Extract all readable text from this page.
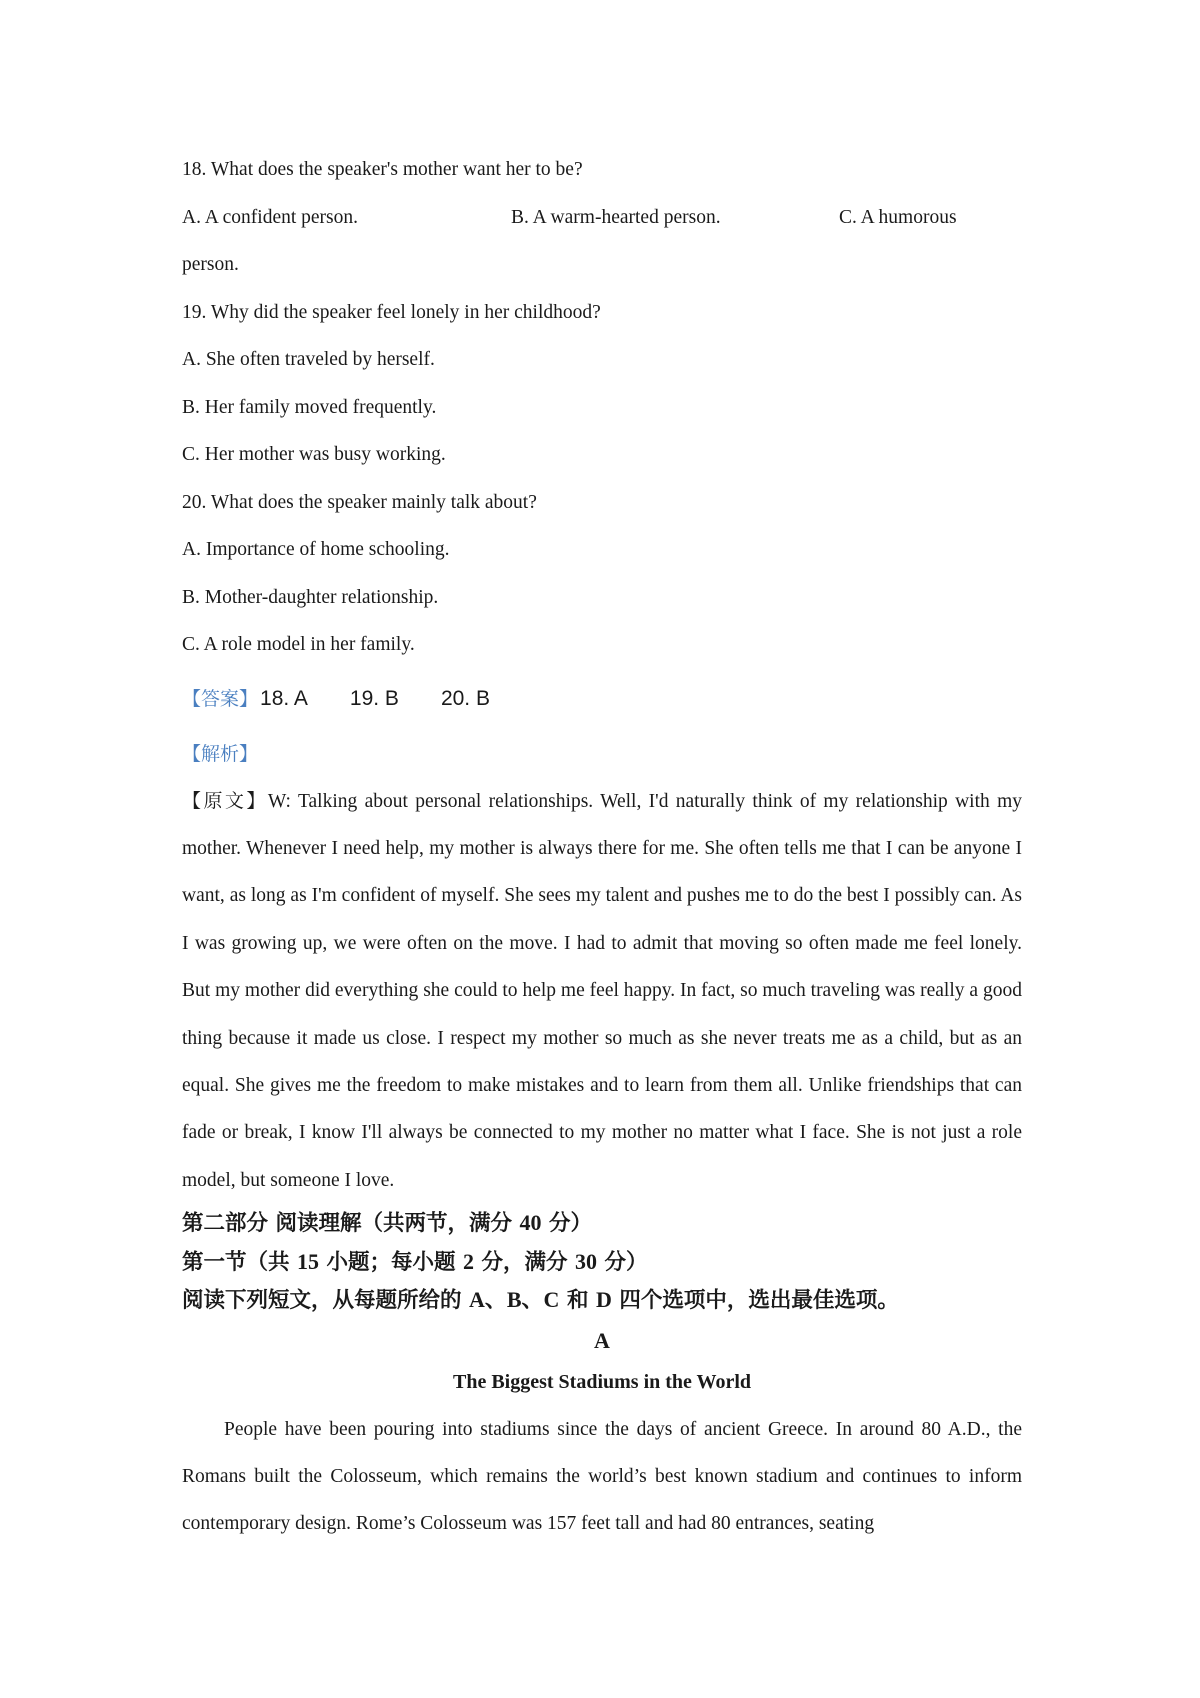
18. What does the speaker's mother want her to be?
A. A confident person.	B. A warm-hearted person.	C. A humorous
person.
19. Why did the speaker feel lonely in her childhood?
A. She often traveled by herself.
B. Her family moved frequently.
C. Her mother was busy working.
20. What does the speaker mainly talk about?
A. Importance of home schooling.
B. Mother-daughter relationship.
C. A role model in her family.
【答案】18. A 19. B 20. B
【解析】

【原文】W: Talking about personal relationships. Well, I'd naturally think of my relationship with my mother. Whenever I need help, my mother is always there for me. She often tells me that I can be anyone I want, as long as I'm confident of myself. She sees my talent and pushes me to do the best I possibly can. As I was growing up, we were often on the move. I had to admit that moving so often made me feel lonely. But my mother did everything she could to help me feel happy. In fact, so much traveling was really a good thing because it made us close. I respect my mother so much as she never treats me as a child, but as an equal. She gives me the freedom to make mistakes and to learn from them all. Unlike friendships that can fade or break, I know I'll always be connected to my mother no matter what I face. She is not just a role model, but someone I love.

第二部分 阅读理解（共两节，满分 40 分）
第一节（共 15 小题；每小题 2 分，满分 30 分）
阅读下列短文，从每题所给的 A、B、C 和 D 四个选项中，选出最佳选项。
A
The Biggest Stadiums in the World

People have been pouring into stadiums since the days of ancient Greece. In around 80 A.D., the Romans built the Colosseum, which remains the world’s best known stadium and continues to inform contemporary design. Rome’s Colosseum was 157 feet tall and had 80 entrances, seating
